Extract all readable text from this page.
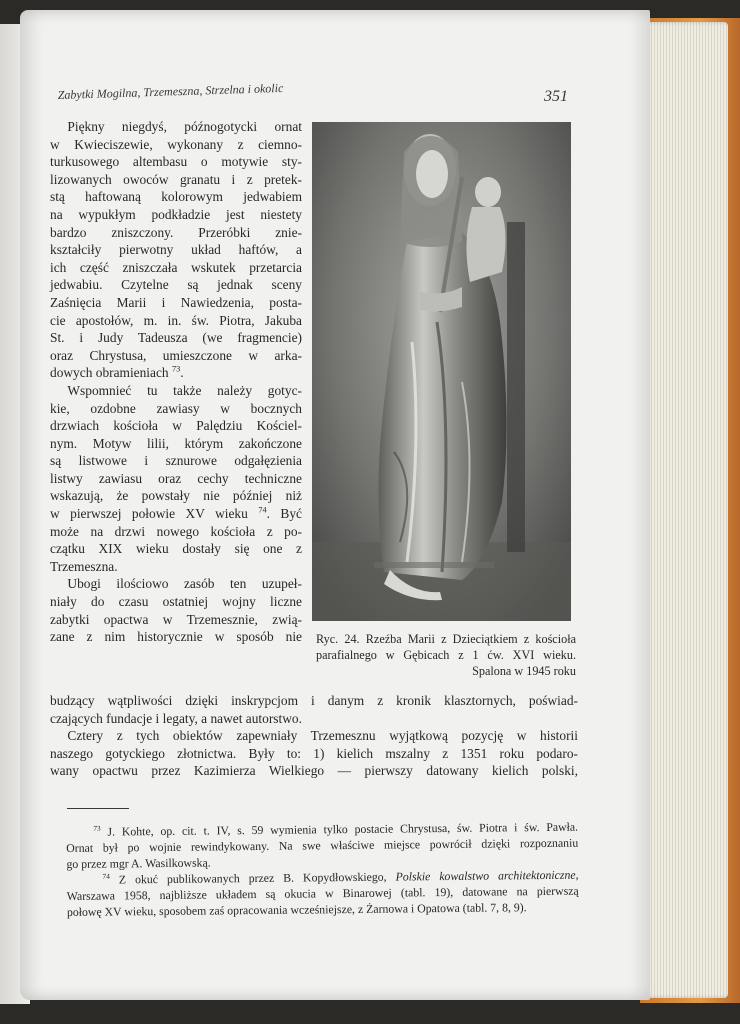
Zabytki Mogilna, Trzemeszna, Strzelna i okolic	351

Piękny niegdyś, późnogotycki ornat
w Kwieciszewie, wykonany z ciemno-
turkusowego altembasu o motywie sty-
lizowanych owoców granatu i z pretek-
stą haftowaną kolorowym jedwabiem
na wypukłym podkładzie jest niestety
bardzo zniszczony. Przeróbki znie-
kształciły pierwotny układ haftów, a
ich część zniszczała wskutek przetarcia
jedwabiu. Czytelne są jednak sceny
Zaśnięcia Marii i Nawiedzenia, posta-
cie apostołów, m. in. św. Piotra, Jakuba
St. i Judy Tadeusza (we fragmencie)
oraz Chrystusa, umieszczone w arka-
dowych obramieniach $^{73}$.

Wspomnieć tu także należy gotyc-
kie, ozdobne zawiasy w bocznych
drzwiach kościoła w Palędziu Kościel-
nym. Motyw lilii, którym zakończone
są listwowe i sznurowe odgałęzienia
listwy zawiasu oraz cechy techniczne
wskazują, że powstały nie później niż
w pierwszej połowie XV wieku $^{74}$. Być
może na drzwi nowego kościoła z po-
czątku XIX wieku dostały się one z
Trzemeszna.

Ubogi ilościowo zasób ten uzupeł-
niały do czasu ostatniej wojny liczne
zabytki opactwa w Trzemesznie, zwią-
zane z nim historycznie w sposób nie Ryc. 24. Rzeźba Marii z Dzieciątkiem z kościoła
parafialnego w Gębicach z 1 ćw. XVI wieku.
Spalona w 1945 roku
budzący wątpliwości dzięki inskrypcjom i danym z kronik klasztornych, poświad-
czających fundacje i legaty, a nawet autorstwo.
Cztery z tych obiektów zapewniały Trzemesznu wyjątkową pozycję w historii
naszego gotyckiego złotnictwa. Były to: 1) kielich mszalny z 1351 roku podaro-
wany opactwu przez Kazimierza Wielkiego — pierwszy datowany kielich polski,
$^{73}$ J. Kohte, op. cit. t. IV, s. 59 wymienia tylko postacie Chrystusa, św. Piotra i św. Pawła.
Ornat był po wojnie rewindykowany. Na swe właściwe miejsce powrócił dzięki rozpoznaniu
go przez mgr A. Wasilkowską.
$^{74}$ Z okuć publikowanych przez B. Kopydłowskiego, Polskie kowalstwo architektoniczne,
Warszawa 1958, najbliższe układem są okucia w Binarowej (tabl. 19), datowane na pierwszą
połowę XV wieku, sposobem zaś opracowania wcześniejsze, z Żarnowa i Opatowa (tabl. 7, 8, 9).
